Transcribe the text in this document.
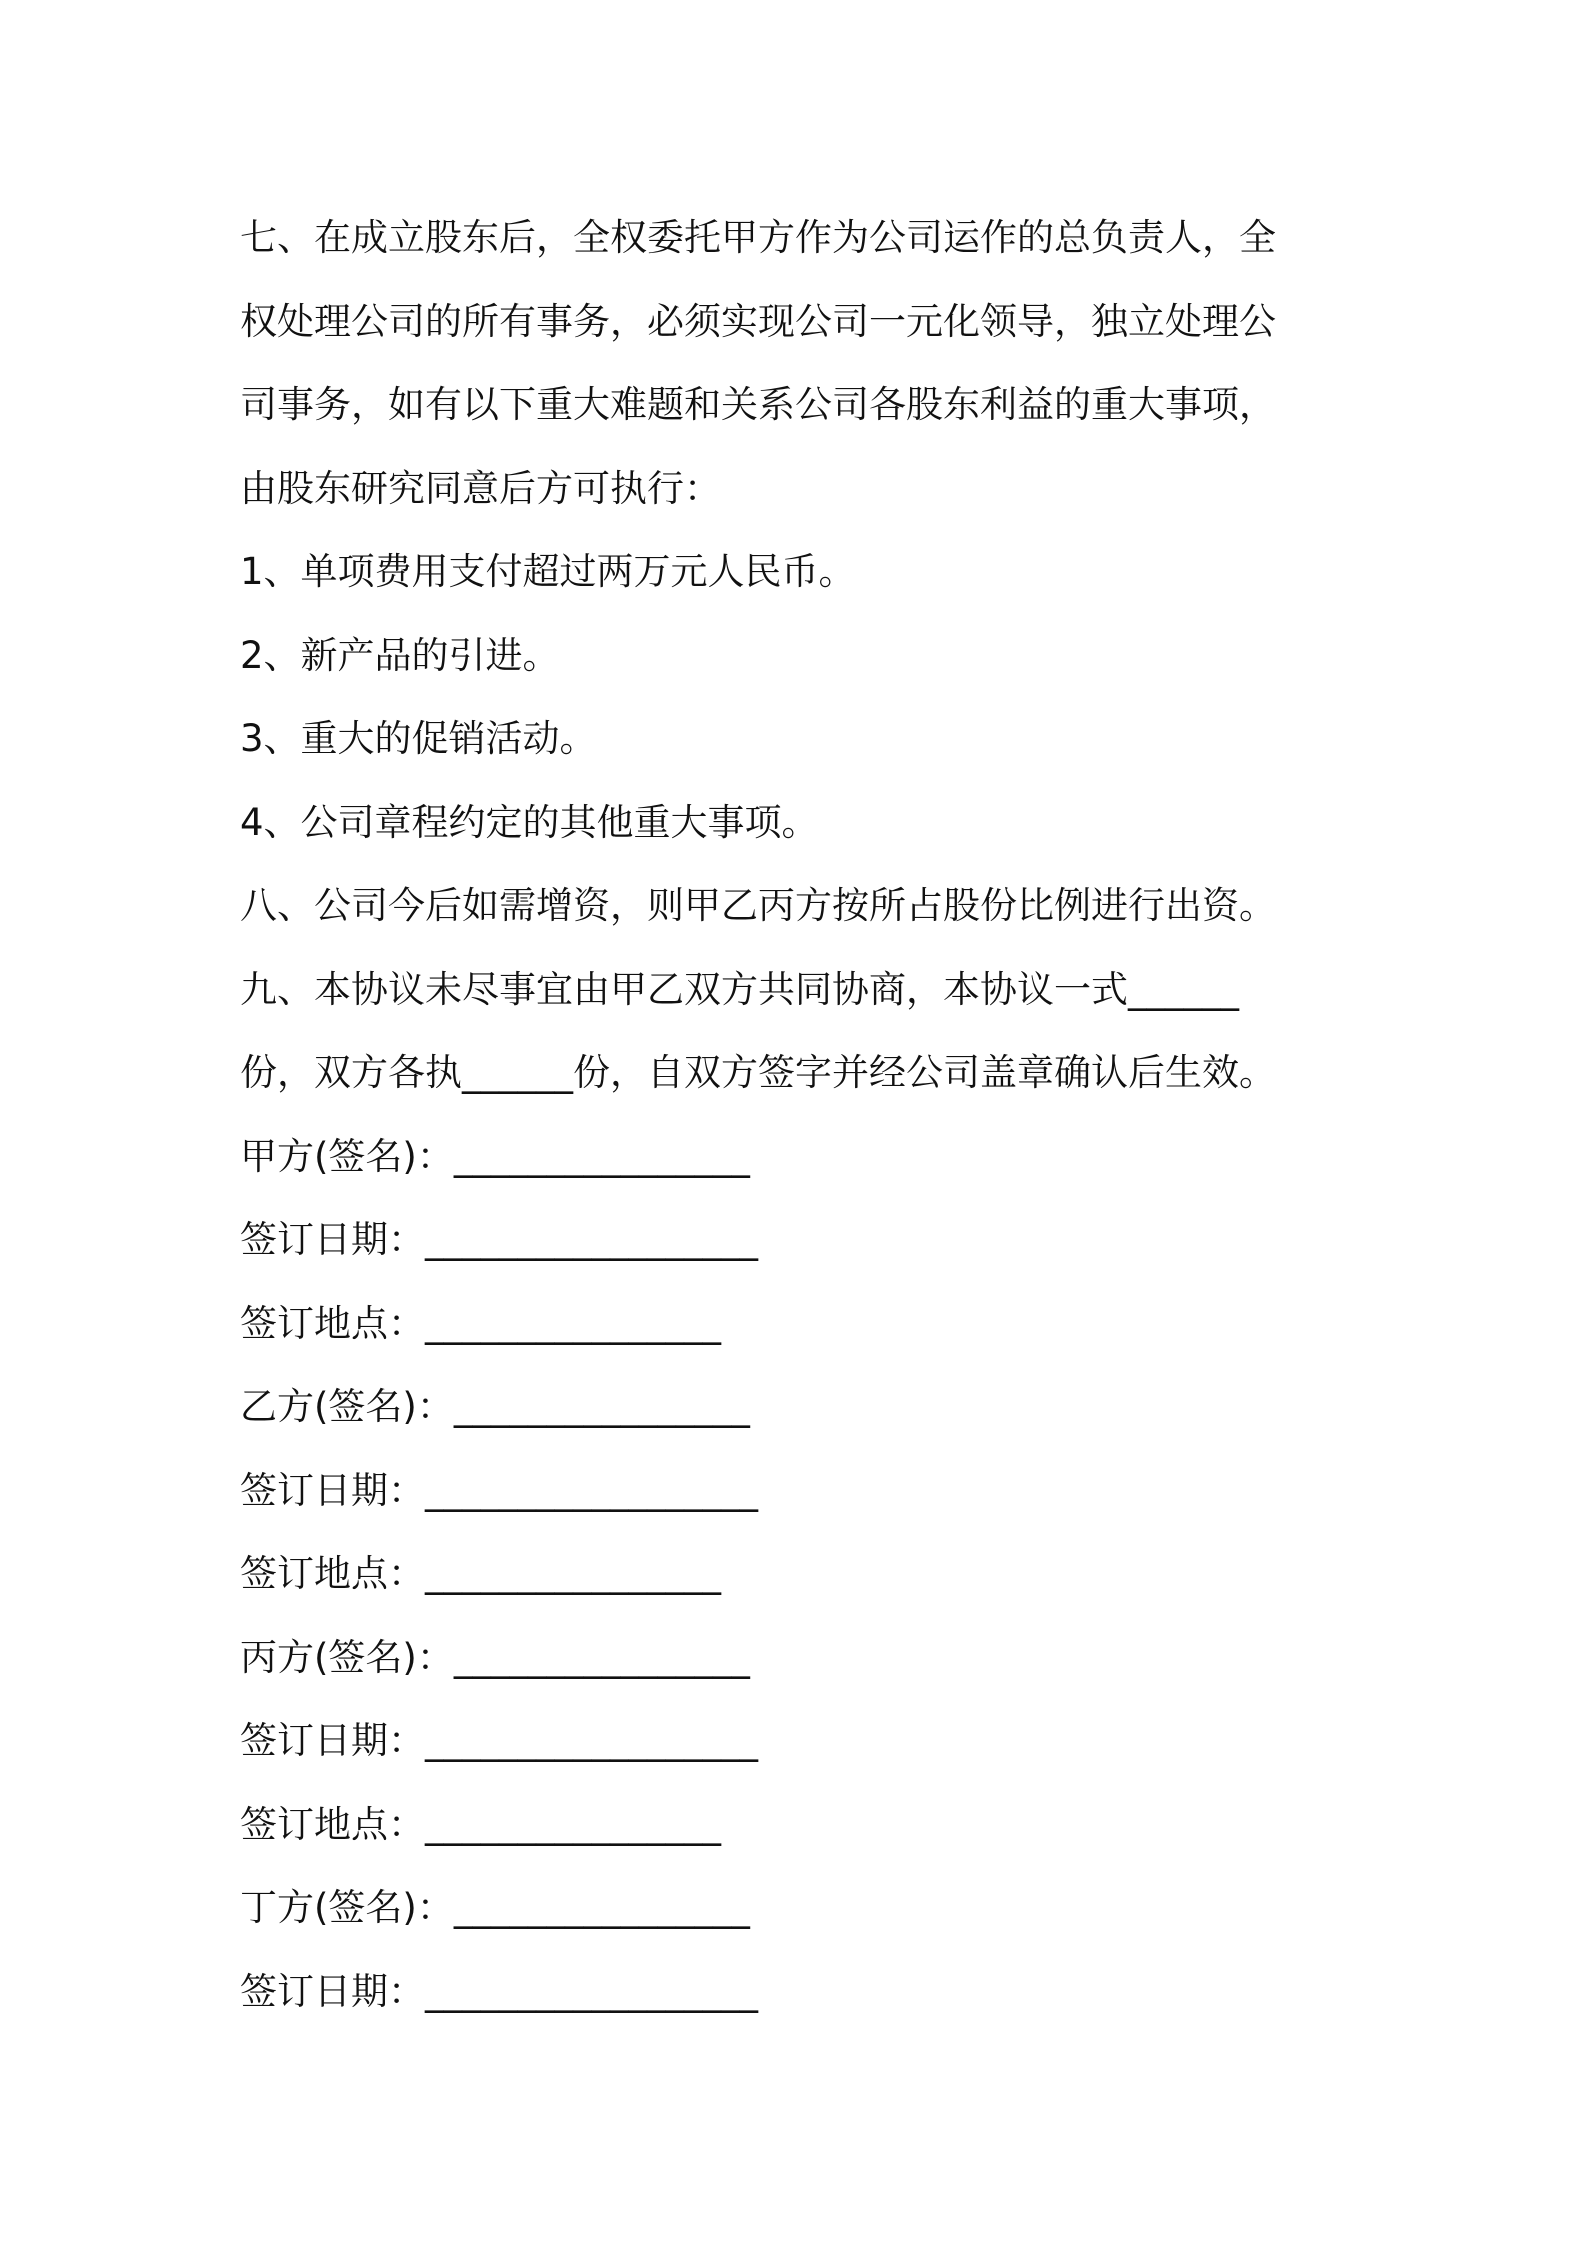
七、在成立股东后，全权委托甲方作为公司运作的总负责人，全

权处理公司的所有事务，必须实现公司一元化领导，独立处理公

司事务，如有以下重大难题和关系公司各股东利益的重大事项，

由股东研究同意后方可执行：

1、单项费用支付超过两万元人民币。

2、新产品的引进。

3、重大的促销活动。

4、公司章程约定的其他重大事项。

八、公司今后如需增资，则甲乙丙方按所占股份比例进行出资。

九、本协议未尽事宜由甲乙双方共同协商，本协议一式______

份，双方各执______份，自双方签字并经公司盖章确认后生效。

甲方(签名)：________________

签订日期：__________________

签订地点：________________

乙方(签名)：________________

签订日期：__________________

签订地点：________________

丙方(签名)：________________

签订日期：__________________

签订地点：________________

丁方(签名)：________________

签订日期：__________________
